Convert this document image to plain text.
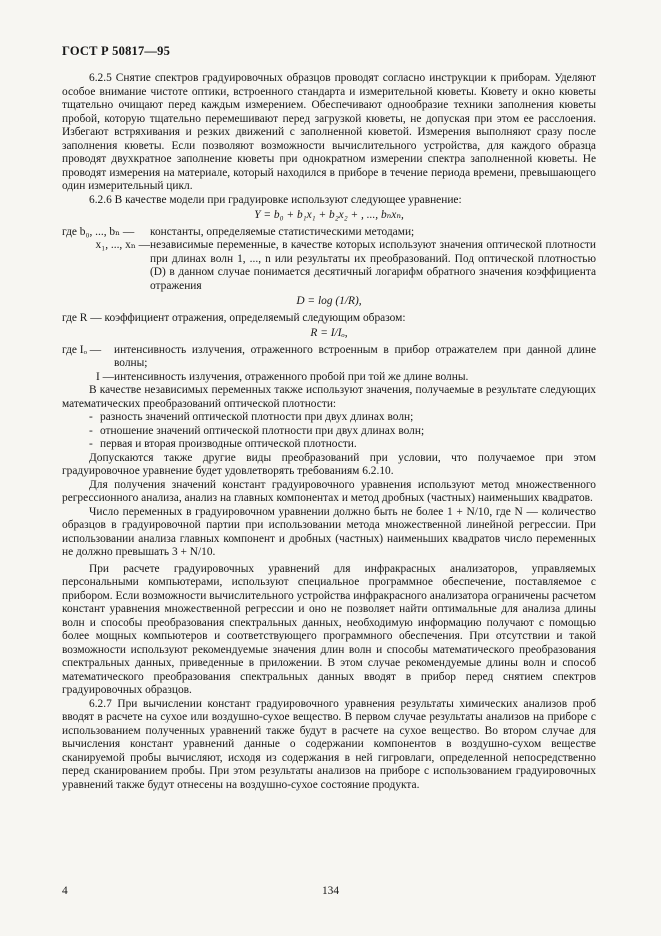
ГОСТ Р 50817—95

6.2.5 Снятие спектров градуировочных образцов проводят согласно инструкции к приборам. Уделяют особое внимание чистоте оптики, встроенного стандарта и измерительной кюветы. Кювету и окно кюветы тщательно очищают перед каждым измерением. Обеспечивают однообразие техники заполнения кюветы пробой, которую тщательно перемешивают перед загрузкой кюветы, не допуская при этом ее расслоения. Избегают встряхивания и резких движений с заполненной кюветой. Измерения выполняют сразу после заполнения кюветы. Если позволяют возможности вычислительного устройства, для каждого образца проводят двухкратное заполнение кюветы при однократном измерении спектра заполненной кюветы. Не проводят измерения на материале, который находился в приборе в течение периода времени, превышающего один измерительный цикл.

6.2.6 В качестве модели при градуировке используют следующее уравнение:

Y = b₀ + b₁x₁ + b₂x₂ + , ..., bₙxₙ,
где b₀, ..., bₙ —	константы, определяемые статистическими методами;
x₁, ..., xₙ — независимые переменные, в качестве которых используют значения оптической плотности при длинах волн 1, ..., n или результаты их преобразований. Под оптической плотностью (D) в данном случае понимается десятичный логарифм обратного значения коэффициента отражения
D = log (1/R),

где R — коэффициент отражения, определяемый следующим образом:

R = I/Iₒ,
где Iₒ —	интенсивность излучения, отраженного встроенным в прибор отражателем при данной длине волны;
I — интенсивность излучения, отраженного пробой при той же длине волны.

В качестве независимых переменных также используют значения, получаемые в результате следующих математических преобразований оптической плотности:

- разность значений оптической плотности при двух длинах волн;
- отношение значений оптической плотности при двух длинах волн;
- первая и вторая производные оптической плотности.

Допускаются также другие виды преобразований при условии, что получаемое при этом градуировочное уравнение будет удовлетворять требованиям 6.2.10.

Для получения значений констант градуировочного уравнения используют метод множественного регрессионного анализа, анализ на главных компонентах и метод дробных (частных) наименьших квадратов.

Число переменных в градуировочном уравнении должно быть не более 1 + N/10, где N — количество образцов в градуировочной партии при использовании метода множественной линейной регрессии. При использовании анализа главных компонент и дробных (частных) наименьших квадратов число переменных не должно превышать 3 + N/10.

При расчете градуировочных уравнений для инфракрасных анализаторов, управляемых персональными компьютерами, используют специальное программное обеспечение, поставляемое с прибором. Если возможности вычислительного устройства инфракрасного анализатора ограничены расчетом констант уравнения множественной регрессии и оно не позволяет найти оптимальные для анализа длины волн и способы преобразования спектральных данных, необходимую информацию получают с помощью более мощных компьютеров и соответствующего программного обеспечения. При отсутствии и такой возможности используют рекомендуемые значения длин волн и способы математического преобразования спектральных данных, приведенные в приложении. В этом случае рекомендуемые длины волн и способ математического преобразования спектральных данных вводят в прибор перед снятием спектров градуировочных образцов.

6.2.7 При вычислении констант градуировочного уравнения результаты химических анализов проб вводят в расчете на сухое или воздушно-сухое вещество. В первом случае результаты анализов на приборе с использованием полученных уравнений также будут в расчете на сухое вещество. Во втором случае для вычисления констант уравнений данные о содержании компонентов в воздушно-сухом веществе сканируемой пробы вычисляют, исходя из содержания в ней гигровлаги, определенной непосредственно перед сканированием пробы. При этом результаты анализов на приборе с использованием градуировочных уравнений также будут отнесены на воздушно-сухое состояние продукта.

4	134
